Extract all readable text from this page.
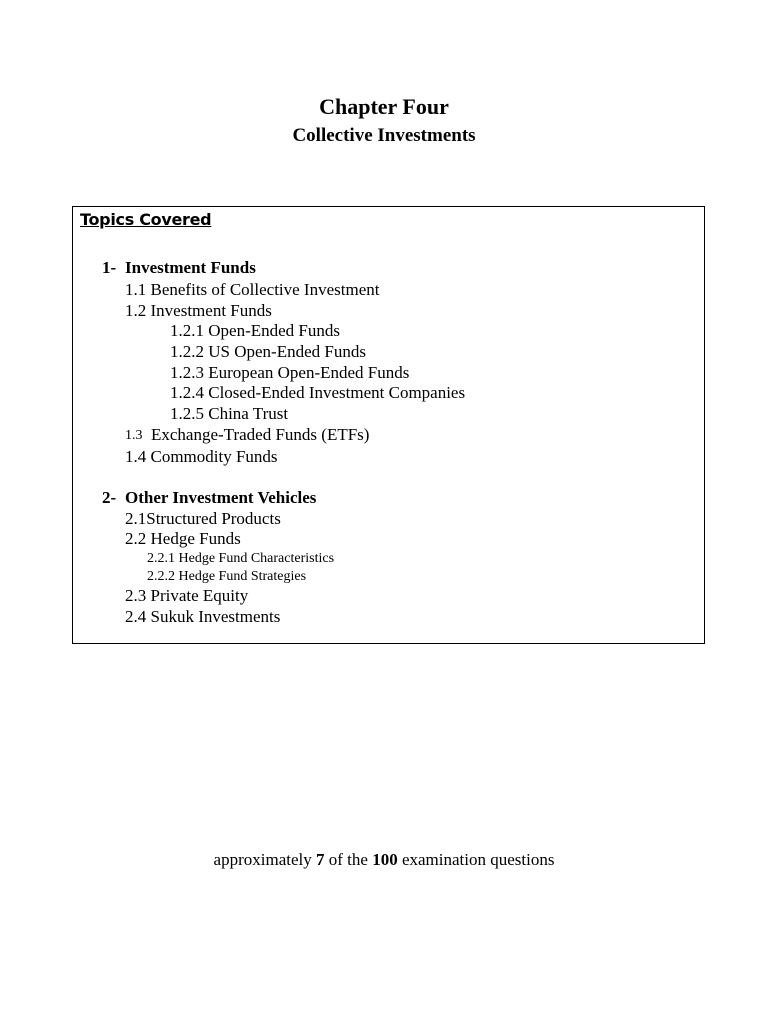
Chapter Four
Collective Investments
Topics Covered
1- Investment Funds
1.1 Benefits of Collective Investment
1.2 Investment Funds
1.2.1 Open-Ended Funds
1.2.2 US Open-Ended Funds
1.2.3 European Open-Ended Funds
1.2.4 Closed-Ended Investment Companies
1.2.5 China Trust
1.3 Exchange-Traded Funds (ETFs)
1.4 Commodity Funds
2- Other Investment Vehicles
2.1Structured Products
2.2 Hedge Funds
2.2.1 Hedge Fund Characteristics
2.2.2 Hedge Fund Strategies
2.3 Private Equity
2.4 Sukuk Investments
approximately 7 of the 100 examination questions
